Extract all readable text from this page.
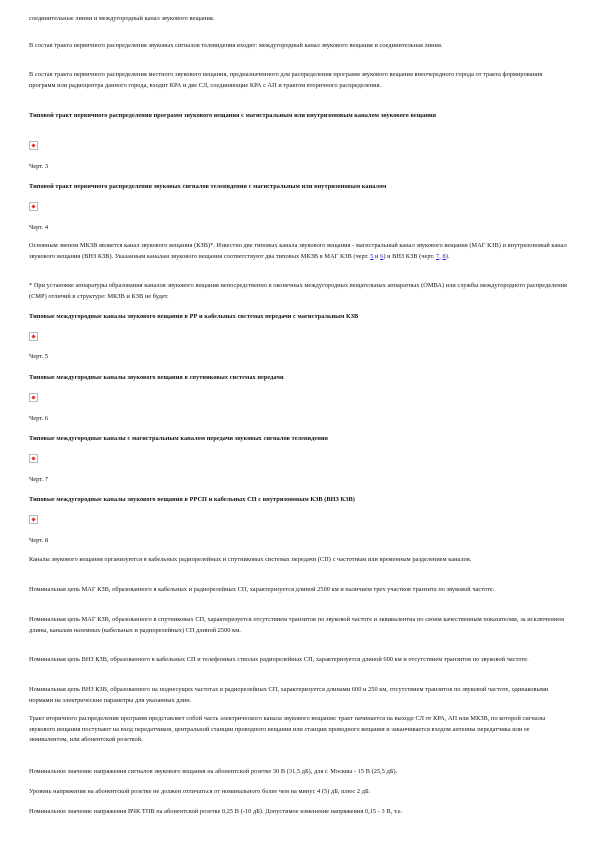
соединительные линии и междугородный канал звукового вещания.
В состав тракта первичного распределения звуковых сигналов телевидения входит: междугородный канал звукового вещания и соединительная линия.
В состав тракта первичного распределения местного звукового вещания, предназначенного для распределения программ звукового вещания внеочередного города от тракта формирования программ или радиоцентра данного города, входит КРА и две СЛ, соединяющие КРА с АП и трактом вторичного распределения.
Типовой тракт первичного распределения программ звукового вещания с магистральным или внутризоновым каналом звукового вещания
Черт. 3
Типовой тракт первичного распределения звуковых сигналов телевидения с магистральным или внутризоновым каналом
Черт. 4
Основным звеном МКЗВ является канал звукового вещания (КЗВ)*. Известно две типовых канала звукового вещания - магистральный канал звукового вещания (МАГ КЗВ) и внутризоновый канал звукового вещания (ВНЗ КЗВ). Указанным каналам звукового вещания соответствуют два типовых МКЗВ в МАГ КЗВ (черт. 5 и 6) и ВНЗ КЗВ (черт. 7, 8).
* При установке аппаратуры образования каналов звукового вещания непосредственно в оконечных междугородных вещательных аппаратных (ОМВА) или службы междугородного распределения (СМР) отличий в структуре: МКЗВ и КЗВ не будет.
Типовые междугородные каналы звукового вещания в РР и кабельных системах передачи с магистральным КЗВ
Черт. 5
Типовые междугородные каналы звукового вещания в спутниковых системах передачи
Черт. 6
Типовые междугородные каналы с магистральным каналом передачи звуковых сигналов телевидения
Черт. 7
Типовые междугородные каналы звукового вещания в РРСП и кабельных СП с внутризоновым КЗВ (ВНЗ КЗВ)
Черт. 8
Каналы звукового вещания организуются в кабельных радиорелейных и спутниковых системах передачи (СП) с частотным или временным разделением каналов.
Номинальная цепь МАГ КЗВ, образованного в кабельных и радиорелейных СП, характеризуется длиной 2500 км и наличием трех участков транзита по звуковой частоте.
Номинальная цепь МАГ КЗВ, образованного в спутниковых СП, характеризуется отсутствием транзитов по звуковой частоте и эквивалентна по своим качественным показателям, за исключением длины, каналам наземных (кабельных и радиорелейных) СП длиной 2500 км.
Номинальная цепь ВНЗ КЗВ, образованного в кабельных СП и телефонных стволах радиорелейных СП, характеризуется длиной 600 км и отсутствием транзитов по звуковой частоте.
Номинальная цепь ВНЗ КЗВ, образованного на поднесущих частотах в радиорелейных СП, характеризуется длинами 600 и 250 км, отсутствием транзитов по звуковой частоте, одинаковыми нормами на электрические параметры для указанных длин.
Тракт вторичного распределения программ представляет собой часть электрического канала звукового вещания: тракт начинается на выходе СЛ от КРА, АП или МКЗВ, по которой сигналы звукового вещания поступают на вход передатчиков, центральной станции проводного вещания или станции проводного вещания и заканчивается входом антенны передатчика или ее эквивалентом, или абонентской розеткой.
Номинальное значение напряжения сигналов звукового вещания на абонентской розетке 30 В (31,5 дБ), для г. Москвы - 15 В (25,5 дБ).
Уровень напряжения на абонентской розетке не должен отличаться от номинального более чем на минус 4 (5) дБ, плюс 2 дБ.
Номинальное значение напряжения ВЧК ТПВ на абонентской розетке 0,25 В (-10 дБ). Допустимое изменение напряжения 0,15 - 3 В, т.е.
